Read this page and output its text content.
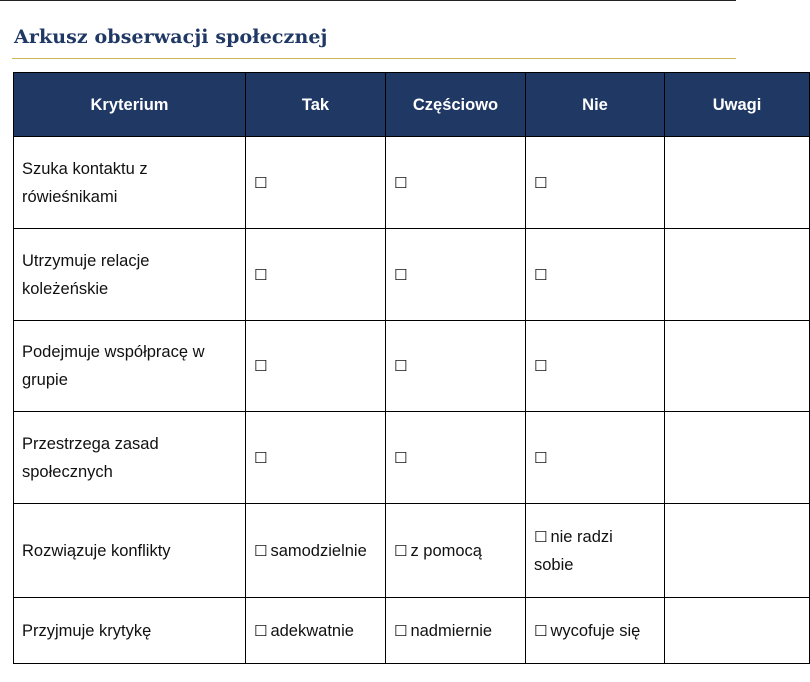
Arkusz obserwacji społecznej
Kryterium	Tak	Częściowo	Nie	Uwagi
Szuka kontaktu z rówieśnikami	☐	☐	☐	
Utrzymuje relacje koleżeńskie	☐	☐	☐	
Podejmuje współpracę w grupie	☐	☐	☐	
Przestrzega zasad społecznych	☐	☐	☐	
Rozwiązuje konflikty	☐ samodzielnie	☐ z pomocą	☐ nie radzi sobie	
Przyjmuje krytykę	☐ adekwatnie	☐ nadmiernie	☐ wycofuje się	
